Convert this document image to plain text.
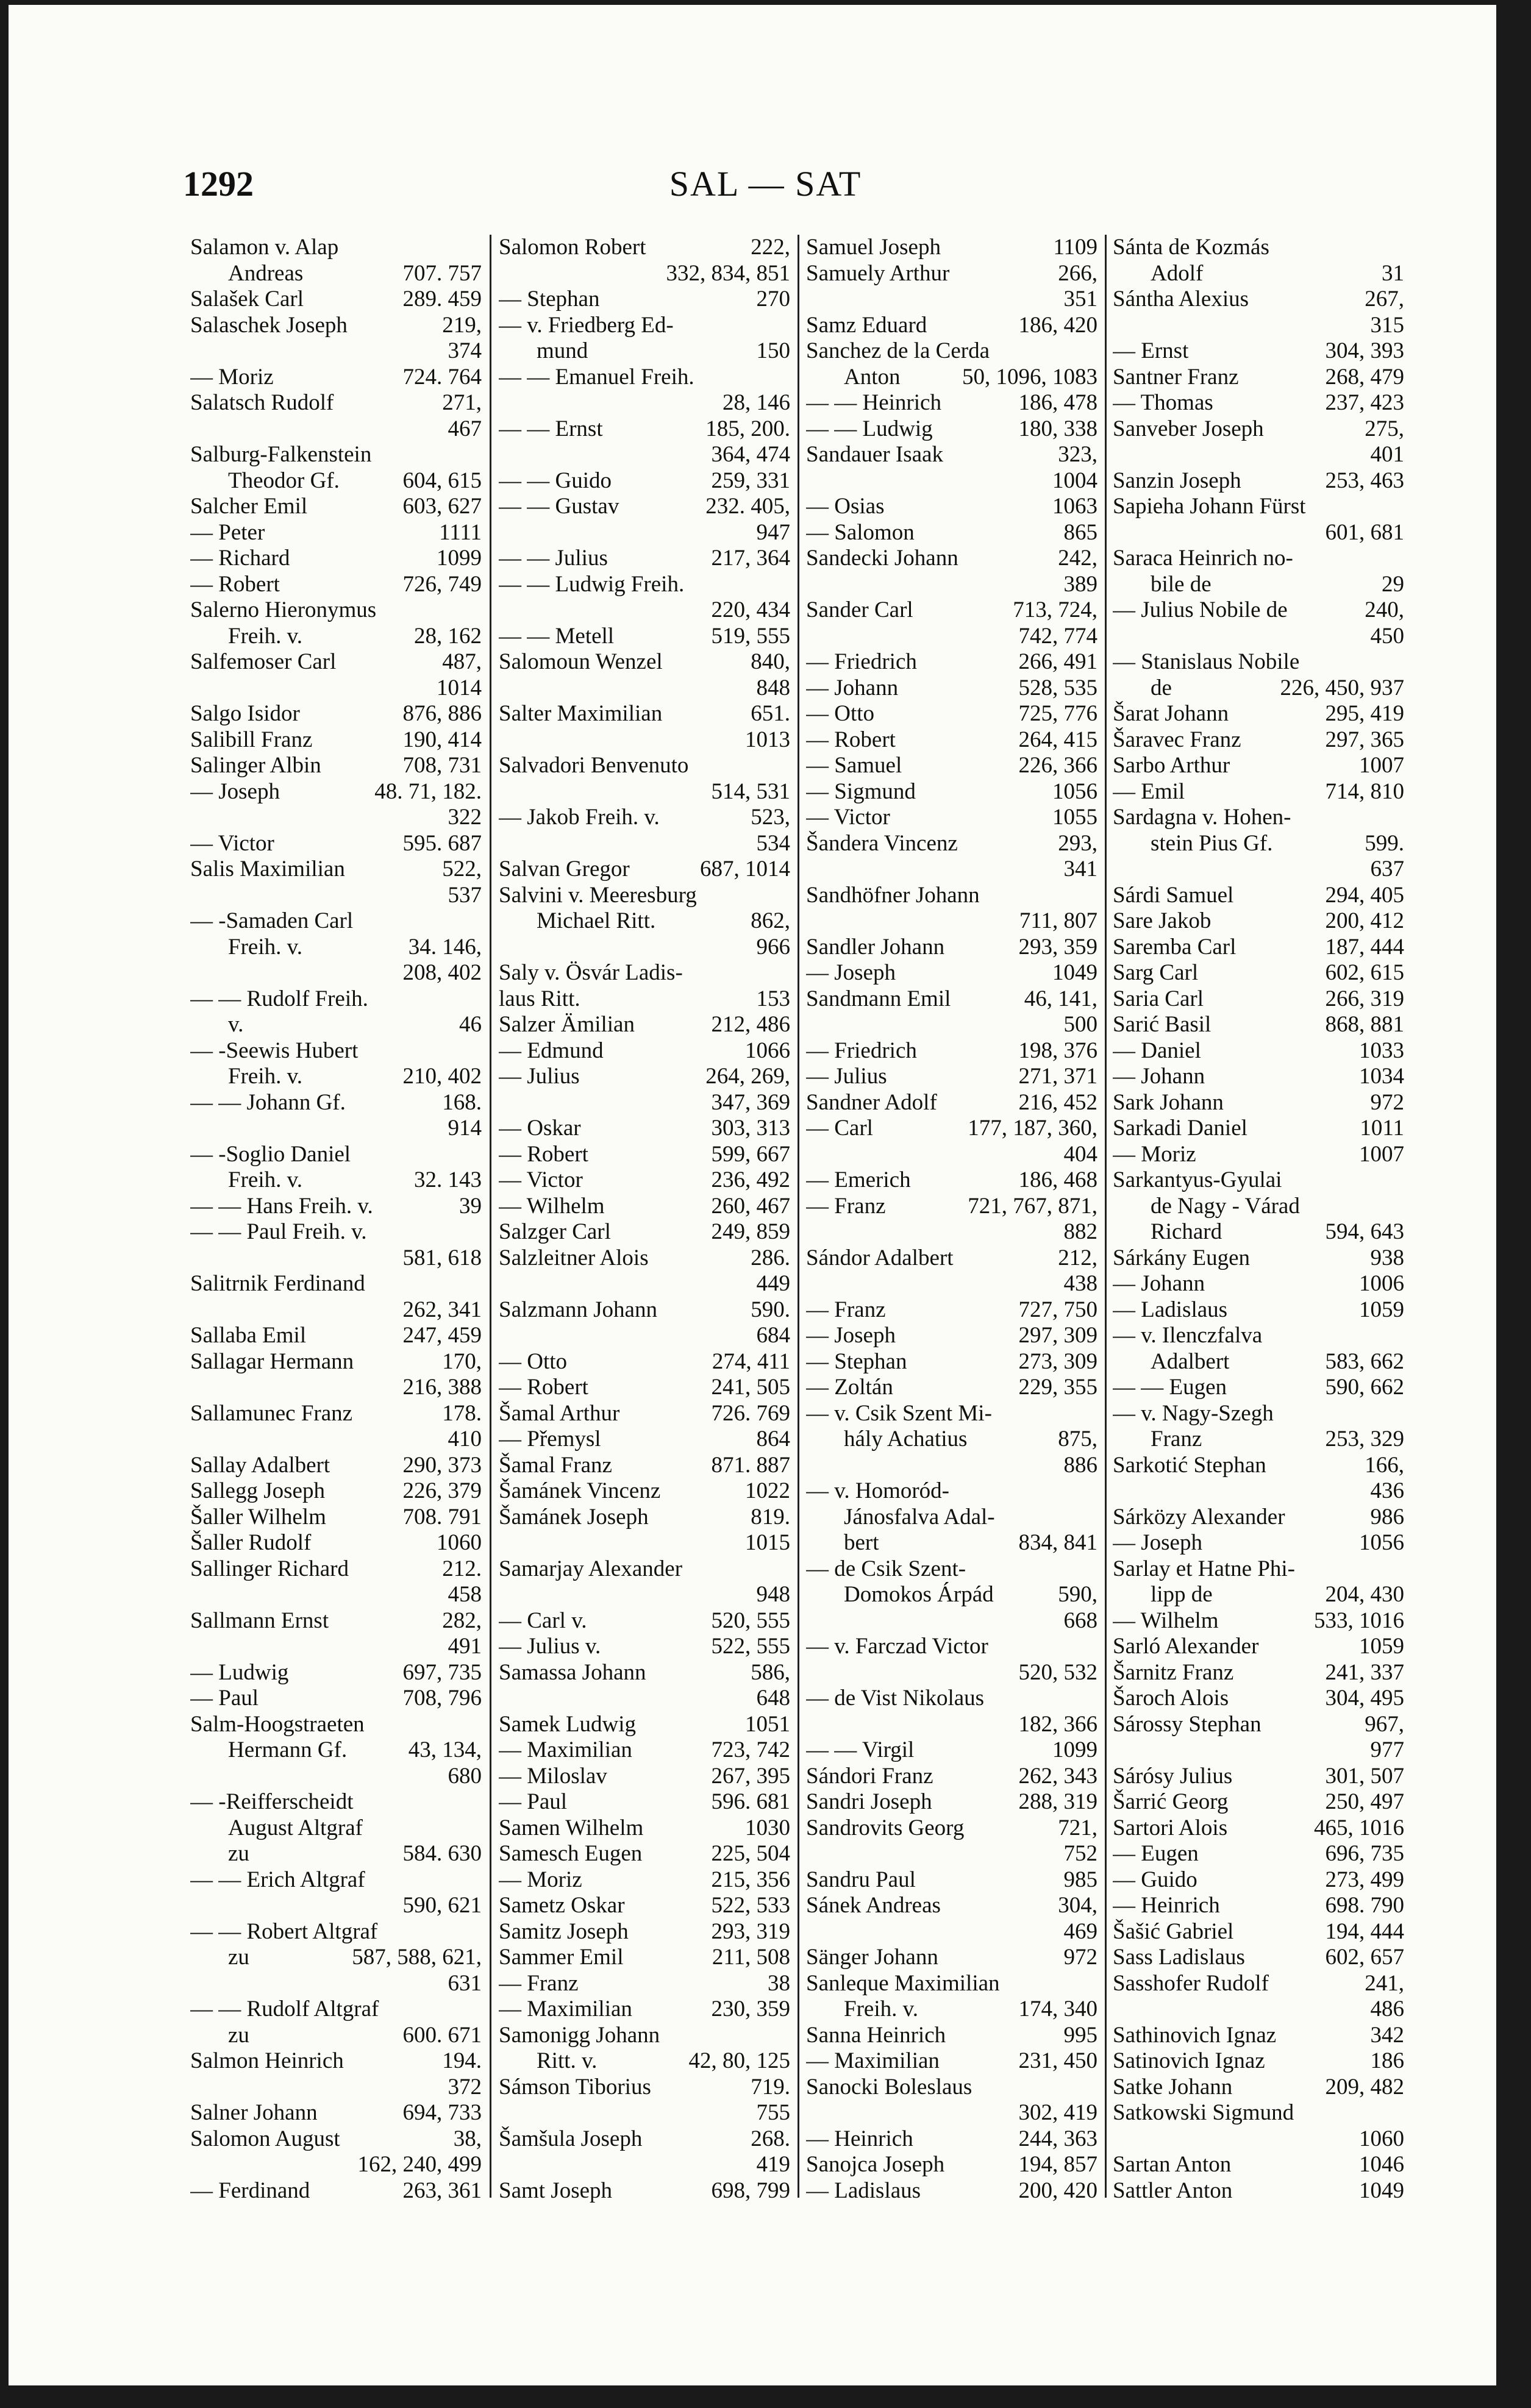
1292	SAL — SAT
Salamon v. Alap
Andreas	707. 757
Salašek Carl	289. 459
Salaschek Joseph	219,
374
— Moriz	724. 764
Salatsch Rudolf	271,
467
Salburg-Falkenstein
Theodor Gf.	604, 615
Salcher Emil	603, 627
— Peter	1111
— Richard	1099
— Robert	726, 749
Salerno Hieronymus
Freih. v.	28, 162
Salfemoser Carl	487,
1014
Salgo Isidor	876, 886
Salibill Franz	190, 414
Salinger Albin	708, 731
— Joseph	48. 71, 182.
322
— Victor	595. 687
Salis Maximilian	522,
537
— -Samaden Carl
Freih. v.	34. 146,
208, 402
— — Rudolf Freih.
v.	46
— -Seewis Hubert
Freih. v.	210, 402
— — Johann Gf.	168.
914
— -Soglio Daniel
Freih. v.	32. 143
— — Hans Freih. v.	39
— — Paul Freih. v.
581, 618
Salitrnik Ferdinand
262, 341
Sallaba Emil	247, 459
Sallagar Hermann	170,
216, 388
Sallamunec Franz	178.
410
Sallay Adalbert	290, 373
Sallegg Joseph	226, 379
Šaller Wilhelm	708. 791
Šaller Rudolf	1060
Sallinger Richard	212.
458
Sallmann Ernst	282,
491
— Ludwig	697, 735
— Paul	708, 796
Salm-Hoogstraeten
Hermann Gf.	43, 134,
680
— -Reifferscheidt
August Altgraf
zu	584. 630
— — Erich Altgraf
590, 621
— — Robert Altgraf
zu	587, 588, 621,
631
— — Rudolf Altgraf
zu	600. 671
Salmon Heinrich	194.
372
Salner Johann	694, 733
Salomon August	38,
162, 240, 499
— Ferdinand	263, 361
Salomon Robert	222,
332, 834, 851
— Stephan	270
— v. Friedberg Ed-
mund	150
— — Emanuel Freih.
28, 146
— — Ernst	185, 200.
364, 474
— — Guido	259, 331
— — Gustav	232. 405,
947
— — Julius	217, 364
— — Ludwig Freih.
220, 434
— — Metell	519, 555
Salomoun Wenzel	840,
848
Salter Maximilian	651.
1013
Salvadori Benvenuto
514, 531
— Jakob Freih. v.	523,
534
Salvan Gregor	687, 1014
Salvini v. Meeresburg
Michael Ritt.	862,
966
Saly v. Ösvár Ladis-
laus Ritt.	153
Salzer Ämilian	212, 486
— Edmund	1066
— Julius	264, 269,
347, 369
— Oskar	303, 313
— Robert	599, 667
— Victor	236, 492
— Wilhelm	260, 467
Salzger Carl	249, 859
Salzleitner Alois	286.
449
Salzmann Johann	590.
684
— Otto	274, 411
— Robert	241, 505
Šamal Arthur	726. 769
— Přemysl	864
Šamal Franz	871. 887
Šamánek Vincenz	1022
Šamánek Joseph	819.
1015
Samarjay Alexander
948
— Carl v.	520, 555
— Julius v.	522, 555
Samassa Johann	586,
648
Samek Ludwig	1051
— Maximilian	723, 742
— Miloslav	267, 395
— Paul	596. 681
Samen Wilhelm	1030
Samesch Eugen	225, 504
— Moriz	215, 356
Sametz Oskar	522, 533
Samitz Joseph	293, 319
Sammer Emil	211, 508
— Franz	38
— Maximilian	230, 359
Samonigg Johann
Ritt. v.	42, 80, 125
Sámson Tiborius	719.
755
Šamšula Joseph	268.
419
Samt Joseph	698, 799
Samuel Joseph	1109
Samuely Arthur	266,
351
Samz Eduard	186, 420
Sanchez de la Cerda
Anton	50, 1096, 1083
— — Heinrich	186, 478
— — Ludwig	180, 338
Sandauer Isaak	323,
1004
— Osias	1063
— Salomon	865
Sandecki Johann	242,
389
Sander Carl	713, 724,
742, 774
— Friedrich	266, 491
— Johann	528, 535
— Otto	725, 776
— Robert	264, 415
— Samuel	226, 366
— Sigmund	1056
— Victor	1055
Šandera Vincenz	293,
341
Sandhöfner Johann
711, 807
Sandler Johann	293, 359
— Joseph	1049
Sandmann Emil	46, 141,
500
— Friedrich	198, 376
— Julius	271, 371
Sandner Adolf	216, 452
— Carl	177, 187, 360,
404
— Emerich	186, 468
— Franz	721, 767, 871,
882
Sándor Adalbert	212,
438
— Franz	727, 750
— Joseph	297, 309
— Stephan	273, 309
— Zoltán	229, 355
— v. Csik Szent Mi-
hály Achatius	875,
886
— v. Homoród-
Jánosfalva Adal-
bert	834, 841
— de Csik Szent-
Domokos Árpád	590,
668
— v. Farczad Victor
520, 532
— de Vist Nikolaus
182, 366
— — Virgil	1099
Sándori Franz	262, 343
Sandri Joseph	288, 319
Sandrovits Georg	721,
752
Sandru Paul	985
Sánek Andreas	304,
469
Sänger Johann	972
Sanleque Maximilian
Freih. v.	174, 340
Sanna Heinrich	995
— Maximilian	231, 450
Sanocki Boleslaus
302, 419
— Heinrich	244, 363
Sanojca Joseph	194, 857
— Ladislaus	200, 420
Sánta de Kozmás
Adolf	31
Sántha Alexius	267,
315
— Ernst	304, 393
Santner Franz	268, 479
— Thomas	237, 423
Sanveber Joseph	275,
401
Sanzin Joseph	253, 463
Sapieha Johann Fürst
601, 681
Saraca Heinrich no-
bile de	29
— Julius Nobile de	240,
450
— Stanislaus Nobile
de	226, 450, 937
Šarat Johann	295, 419
Šaravec Franz	297, 365
Sarbo Arthur	1007
— Emil	714, 810
Sardagna v. Hohen-
stein Pius Gf.	599.
637
Sárdi Samuel	294, 405
Sare Jakob	200, 412
Saremba Carl	187, 444
Sarg Carl	602, 615
Saria Carl	266, 319
Sarić Basil	868, 881
— Daniel	1033
— Johann	1034
Sark Johann	972
Sarkadi Daniel	1011
— Moriz	1007
Sarkantyus-Gyulai
de Nagy - Várad
Richard	594, 643
Sárkány Eugen	938
— Johann	1006
— Ladislaus	1059
— v. Ilenczfalva
Adalbert	583, 662
— — Eugen	590, 662
— v. Nagy-Szegh
Franz	253, 329
Sarkotić Stephan	166,
436
Sárközy Alexander	986
— Joseph	1056
Sarlay et Hatne Phi-
lipp de	204, 430
— Wilhelm	533, 1016
Sarló Alexander	1059
Šarnitz Franz	241, 337
Šaroch Alois	304, 495
Sárossy Stephan	967,
977
Sárósy Julius	301, 507
Šarrić Georg	250, 497
Sartori Alois	465, 1016
— Eugen	696, 735
— Guido	273, 499
— Heinrich	698. 790
Šašić Gabriel	194, 444
Sass Ladislaus	602, 657
Sasshofer Rudolf	241,
486
Sathinovich Ignaz	342
Satinovich Ignaz	186
Satke Johann	209, 482
Satkowski Sigmund
1060
Sartan Anton	1046
Sattler Anton	1049
